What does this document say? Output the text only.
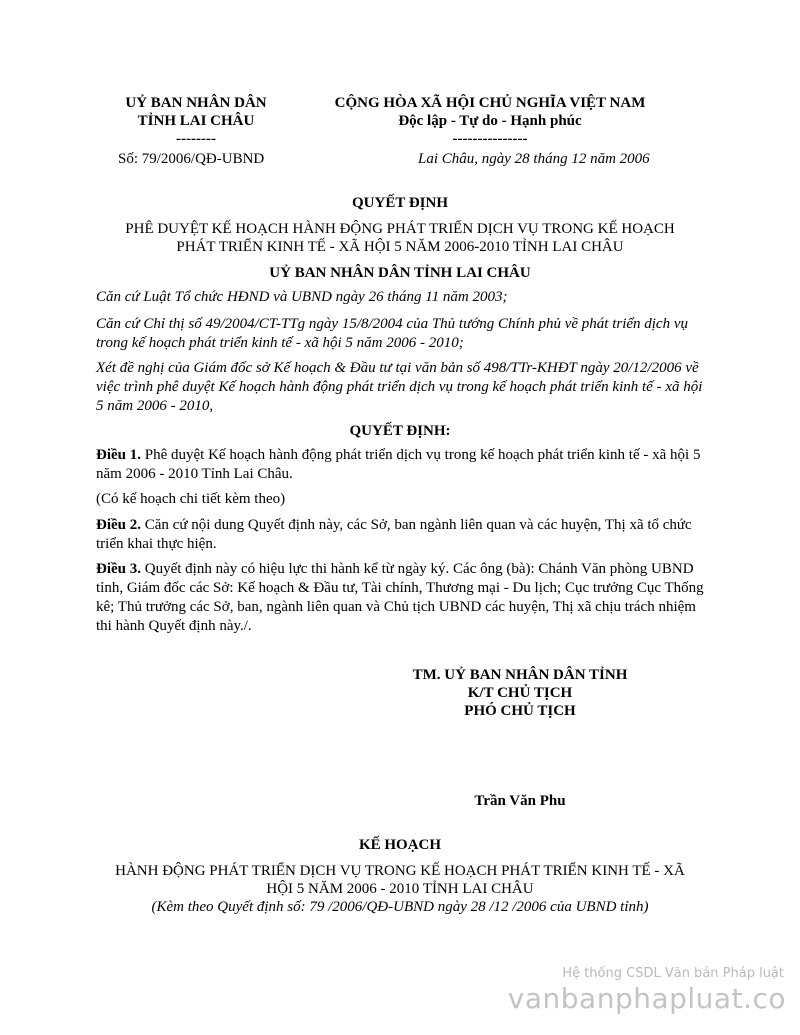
UỶ BAN NHÂN DÂN
TỈNH LAI CHÂU
--------
CỘNG HÒA XÃ HỘI CHỦ NGHĨA VIỆT NAM
Độc lập - Tự do - Hạnh phúc
---------------
Số: 79/2006/QĐ-UBND	Lai Châu, ngày 28 tháng 12 năm 2006
QUYẾT ĐỊNH
PHÊ DUYỆT KẾ HOẠCH HÀNH ĐỘNG PHÁT TRIỂN DỊCH VỤ TRONG KẾ HOẠCH
PHÁT TRIỂN KINH TẾ - XÃ HỘI 5 NĂM 2006-2010 TỈNH LAI CHÂU
UỶ BAN NHÂN DÂN TỈNH LAI CHÂU
Căn cứ Luật Tổ chức HĐND và UBND ngày 26 tháng 11 năm 2003;
Căn cứ Chỉ thị số 49/2004/CT-TTg ngày 15/8/2004 của Thủ tướng Chính phủ về phát triển dịch vụ trong kế hoạch phát triển kinh tế - xã hội 5 năm 2006 - 2010;
Xét đề nghị của Giám đốc sở Kế hoạch & Đầu tư tại văn bản số 498/TTr-KHĐT ngày 20/12/2006 về việc trình phê duyệt Kế hoạch hành động phát triển dịch vụ trong kế hoạch phát triển kinh tế - xã hội 5 năm 2006 - 2010,
QUYẾT ĐỊNH:
Điều 1. Phê duyệt Kế hoạch hành động phát triển dịch vụ trong kế hoạch phát triển kinh tế - xã hội 5 năm 2006 - 2010 Tỉnh Lai Châu.
(Có kế hoạch chi tiết kèm theo)
Điều 2. Căn cứ nội dung Quyết định này, các Sở, ban ngành liên quan và các huyện, Thị xã tổ chức triển khai thực hiện.
Điều 3. Quyết định này có hiệu lực thi hành kể từ ngày ký. Các ông (bà): Chánh Văn phòng UBND tỉnh, Giám đốc các Sở: Kế hoạch & Đầu tư, Tài chính, Thương mại - Du lịch; Cục trưởng Cục Thống kê; Thủ trưởng các Sở, ban, ngành liên quan và Chủ tịch UBND các huyện, Thị xã chịu trách nhiệm thi hành Quyết định này./.
TM. UỶ BAN NHÂN DÂN TỈNH
K/T CHỦ TỊCH
PHÓ CHỦ TỊCH
Trần Văn Phu
KẾ HOẠCH
HÀNH ĐỘNG PHÁT TRIỂN DỊCH VỤ TRONG KẾ HOẠCH PHÁT TRIỂN KINH TẾ - XÃ
HỘI 5 NĂM 2006 - 2010 TỈNH LAI CHÂU
(Kèm theo Quyết định số: 79 /2006/QĐ-UBND ngày 28 /12 /2006 của UBND tỉnh)
Hệ thống CSDL Văn bản Pháp luật
vanbanphapluat.co
